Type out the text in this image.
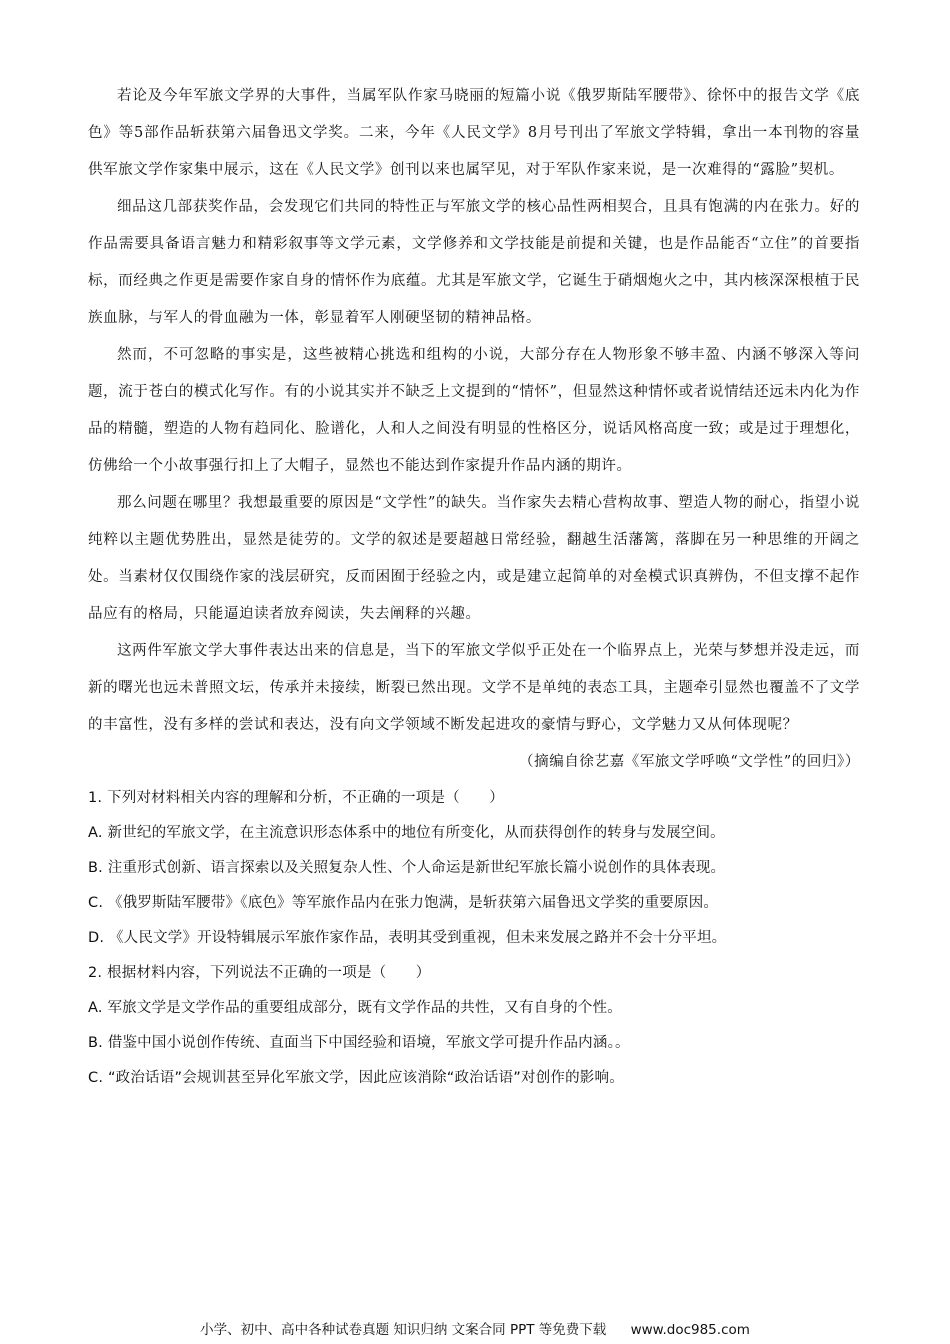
若论及今年军旅文学界的大事件，当属军队作家马晓丽的短篇小说《俄罗斯陆军腰带》、徐怀中的报告文学《底色》等5部作品斩获第六届鲁迅文学奖。二来，今年《人民文学》8月号刊出了军旅文学特辑，拿出一本刊物的容量供军旅文学作家集中展示，这在《人民文学》创刊以来也属罕见，对于军队作家来说，是一次难得的“露脸”契机。

细品这几部获奖作品，会发现它们共同的特性正与军旅文学的核心品性两相契合，且具有饱满的内在张力。好的作品需要具备语言魅力和精彩叙事等文学元素，文学修养和文学技能是前提和关键，也是作品能否“立住”的首要指标，而经典之作更是需要作家自身的情怀作为底蕴。尤其是军旅文学，它诞生于硝烟炮火之中，其内核深深根植于民族血脉，与军人的骨血融为一体，彰显着军人刚硬坚韧的精神品格。

然而，不可忽略的事实是，这些被精心挑选和组构的小说，大部分存在人物形象不够丰盈、内涵不够深入等问题，流于苍白的模式化写作。有的小说其实并不缺乏上文提到的“情怀”，但显然这种情怀或者说情结还远未内化为作品的精髓，塑造的人物有趋同化、脸谱化，人和人之间没有明显的性格区分，说话风格高度一致；或是过于理想化，仿佛给一个小故事强行扣上了大帽子，显然也不能达到作家提升作品内涵的期许。

那么问题在哪里？我想最重要的原因是“文学性”的缺失。当作家失去精心营构故事、塑造人物的耐心，指望小说纯粹以主题优势胜出，显然是徒劳的。文学的叙述是要超越日常经验，翻越生活藩篱，落脚在另一种思维的开阔之处。当素材仅仅围绕作家的浅层研究，反而困囿于经验之内，或是建立起简单的对垒模式识真辨伪，不但支撑不起作品应有的格局，只能逼迫读者放弃阅读，失去阐释的兴趣。

这两件军旅文学大事件表达出来的信息是，当下的军旅文学似乎正处在一个临界点上，光荣与梦想并没走远，而新的曙光也远未普照文坛，传承并未接续，断裂已然出现。文学不是单纯的表态工具，主题牵引显然也覆盖不了文学的丰富性，没有多样的尝试和表达，没有向文学领域不断发起进攻的豪情与野心，文学魅力又从何体现呢？

（摘编自徐艺嘉《军旅文学呼唤“文学性”的回归》）

1. 下列对材料相关内容的理解和分析，不正确的一项是（　　）

A. 新世纪的军旅文学，在主流意识形态体系中的地位有所变化，从而获得创作的转身与发展空间。

B. 注重形式创新、语言探索以及关照复杂人性、个人命运是新世纪军旅长篇小说创作的具体表现。

C. 《俄罗斯陆军腰带》《底色》等军旅作品内在张力饱满，是斩获第六届鲁迅文学奖的重要原因。

D. 《人民文学》开设特辑展示军旅作家作品，表明其受到重视，但未来发展之路并不会十分平坦。

2. 根据材料内容，下列说法不正确的一项是（　　）

A. 军旅文学是文学作品的重要组成部分，既有文学作品的共性，又有自身的个性。

B. 借鉴中国小说创作传统、直面当下中国经验和语境，军旅文学可提升作品内涵。。

C. “政治话语”会规训甚至异化军旅文学，因此应该消除“政治话语”对创作的影响。

小学、初中、高中各种试卷真题 知识归纳 文案合同 PPT 等免费下载 www.doc985.com
